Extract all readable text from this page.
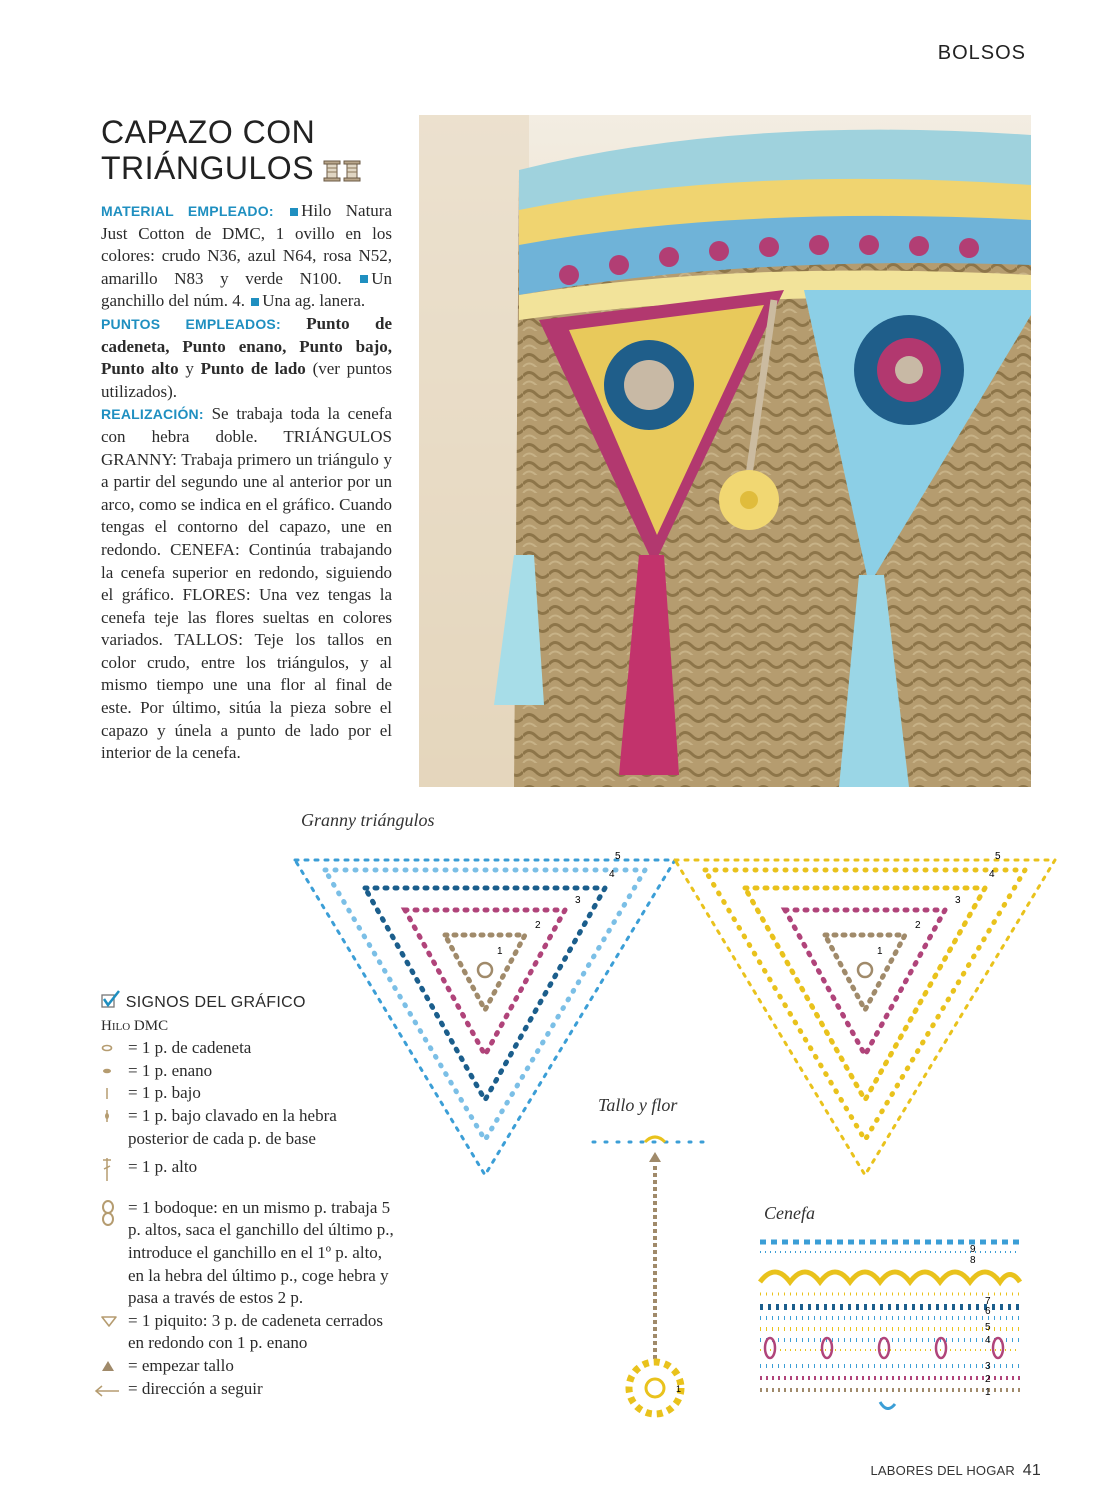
BOLSOS
CAPAZO CON
TRIÁNGULOS
MATERIAL EMPLEADO: Hilo Natura Just Cotton de DMC, 1 ovillo en los colores: crudo N36, azul N64, rosa N52, amarillo N83 y verde N100. Un ganchillo del núm. 4. Una ag. lanera.
PUNTOS EMPLEADOS: Punto de cadeneta, Punto enano, Punto bajo, Punto alto y Punto de lado (ver puntos utilizados).
REALIZACIÓN: Se trabaja toda la cenefa con hebra doble. TRIÁNGULOS GRANNY: Trabaja primero un triángulo y a partir del segundo une al anterior por un arco, como se indica en el gráfico. Cuando tengas el contorno del capazo, une en redondo. CENEFA: Continúa trabajando la cenefa superior en redondo, siguiendo el gráfico. FLORES: Una vez tengas la cenefa teje las flores sueltas en colores variados. TALLOS: Teje los tallos en color crudo, entre los triángulos, y al mismo tiempo une una flor al final de este. Por último, sitúa la pieza sobre el capazo y únela a punto de lado por el interior de la cenefa.
Granny triángulos
Tallo y flor
Cenefa
5
4
3
2
1
5
4
3
2
1
1
9
8
7
6
5
4
3
2
1
SIGNOS DEL GRÁFICO
Hilo DMC
= 1 p. de cadeneta
= 1 p. enano
= 1 p. bajo
= 1 p. bajo clavado en la hebra posterior de cada p. de base
= 1 p. alto
= 1 bodoque: en un mismo p. trabaja 5 p. altos, saca el ganchillo del último p., introduce el ganchillo en el 1º p. alto, en la hebra del último p., coge hebra y pasa a través de estos 2 p.
= 1 piquito: 3 p. de cadeneta cerrados en redondo con 1 p. enano
= empezar tallo
= dirección a seguir
LABORES DEL HOGAR 41
